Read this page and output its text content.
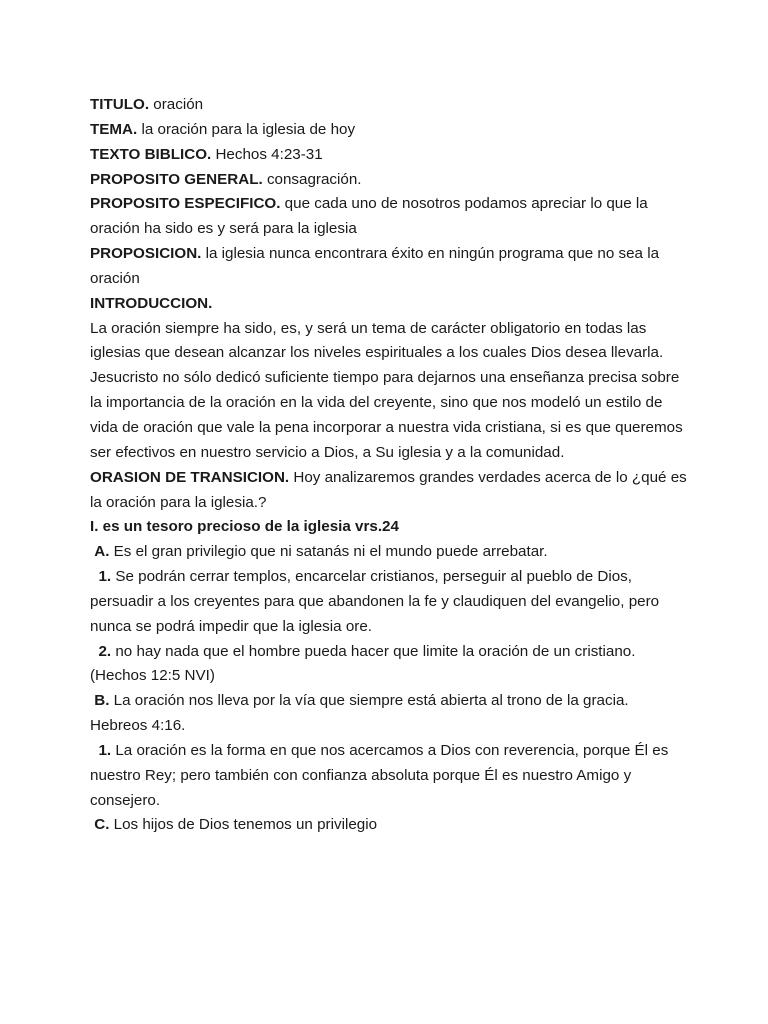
TITULO. oración

TEMA. la oración para la iglesia de hoy

TEXTO BIBLICO. Hechos 4:23-31

PROPOSITO GENERAL. consagración.

PROPOSITO ESPECIFICO. que cada uno de nosotros podamos apreciar lo que la oración ha sido es y será para la iglesia

PROPOSICION. la iglesia nunca encontrara éxito en ningún programa que no sea la oración

INTRODUCCION.

La oración siempre ha sido, es, y será un tema de carácter obligatorio en todas las iglesias que desean alcanzar los niveles espirituales a los cuales Dios desea llevarla.

Jesucristo no sólo dedicó suficiente tiempo para dejarnos una enseñanza precisa sobre la importancia de la oración en la vida del creyente, sino que nos modeló un estilo de vida de oración que vale la pena incorporar a nuestra vida cristiana, si es que queremos ser efectivos en nuestro servicio a Dios, a Su iglesia y a la comunidad.

ORASION DE TRANSICION. Hoy analizaremos grandes verdades acerca de lo ¿qué es la oración para la iglesia.?

I. es un tesoro precioso de la iglesia vrs.24

A. Es el gran privilegio que ni satanás ni el mundo puede arrebatar.

1. Se podrán cerrar templos, encarcelar cristianos, perseguir al pueblo de Dios, persuadir a los creyentes para que abandonen la fe y claudiquen del evangelio, pero nunca se podrá impedir que la iglesia ore.

2. no hay nada que el hombre pueda hacer que limite la oración de un cristiano. (Hechos 12:5 NVI)

B. La oración nos lleva por la vía que siempre está abierta al trono de la gracia. Hebreos 4:16.

1. La oración es la forma en que nos acercamos a Dios con reverencia, porque Él es nuestro Rey; pero también con confianza absoluta porque Él es nuestro Amigo y consejero.

C. Los hijos de Dios tenemos un privilegio
